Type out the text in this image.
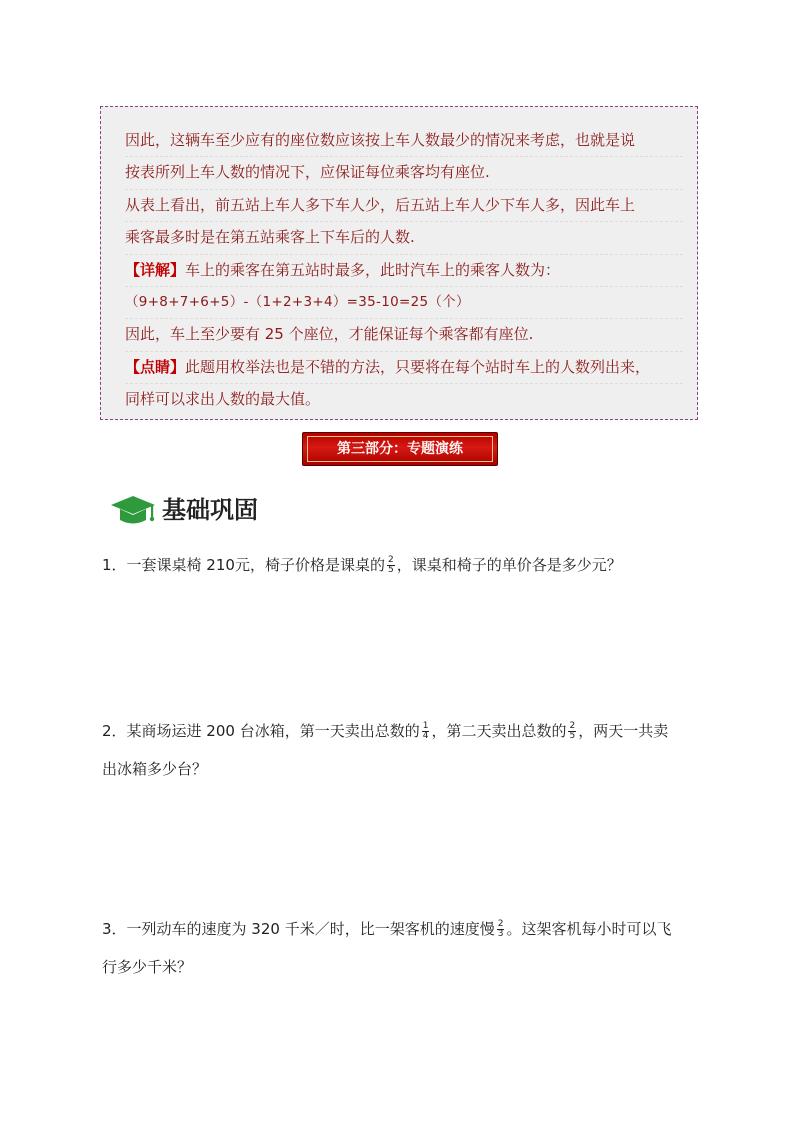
因此，这辆车至少应有的座位数应该按上车人数最少的情况来考虑，也就是说
按表所列上车人数的情况下，应保证每位乘客均有座位.
从表上看出，前五站上车人多下车人少，后五站上车人少下车人多，因此车上
乘客最多时是在第五站乘客上下车后的人数.
【详解】车上的乘客在第五站时最多，此时汽车上的乘客人数为：
（9+8+7+6+5）-（1+2+3+4）=35-10=25（个）
因此，车上至少要有 25 个座位，才能保证每个乘客都有座位.
【点睛】此题用枚举法也是不错的方法，只要将在每个站时车上的人数列出来，
同样可以求出人数的最大值。
第三部分：专题演练
基础巩固
1．一套课桌椅 210元，椅子价格是课桌的 $\frac{2}{5}$ ，课桌和椅子的单价各是多少元？
2．某商场运进 200 台冰箱，第一天卖出总数的 $\frac{1}{4}$ ，第二天卖出总数的 $\frac{2}{5}$ ，两天一共卖
出冰箱多少台？
3．一列动车的速度为 320 千米／时，比一架客机的速度慢 $\frac{2}{3}$ 。这架客机每小时可以飞
行多少千米？
